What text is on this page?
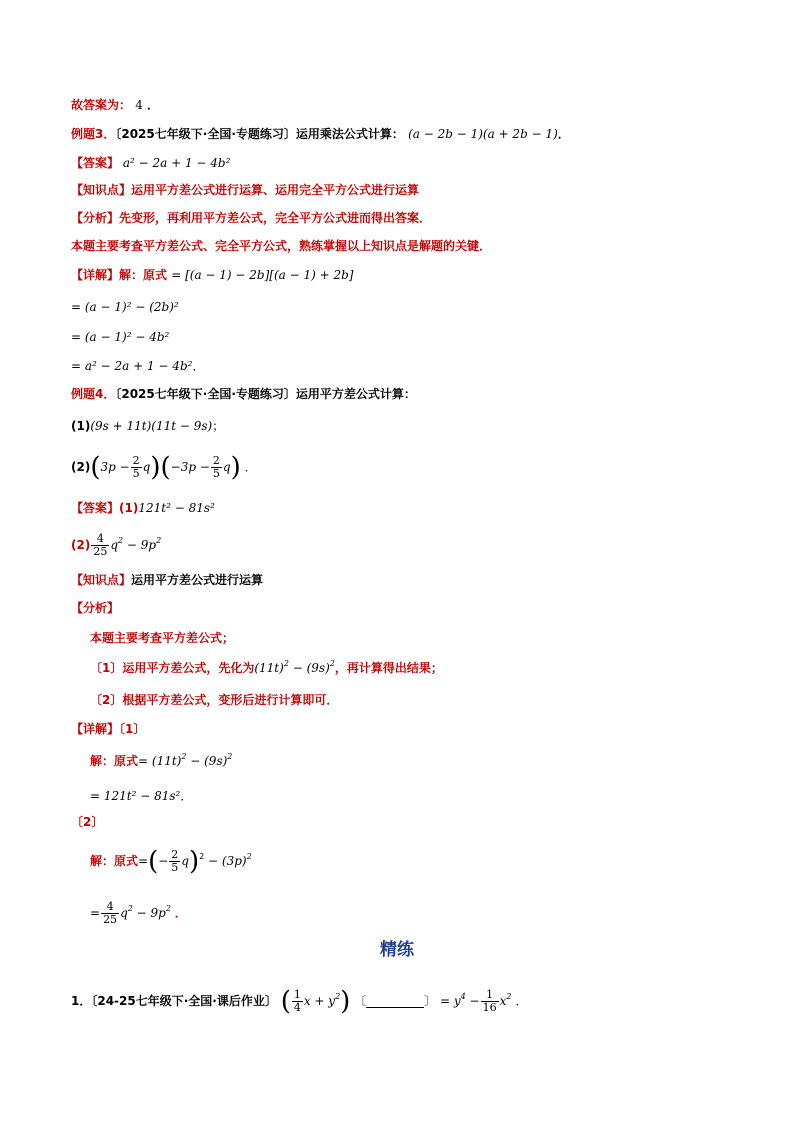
故答案为： 4 ．
例题3．〔2025七年级下·全国·专题练习〕运用乘法公式计算： (a − 2b − 1)(a + 2b − 1)．
【答案】 a² − 2a + 1 − 4b²
【知识点】运用平方差公式进行运算、运用完全平方公式进行运算
【分析】先变形，再利用平方差公式，完全平方公式进而得出答案．
本题主要考查平方差公式、完全平方公式，熟练掌握以上知识点是解题的关键．
【详解】解：原式 = [(a − 1) − 2b][(a − 1) + 2b]
= (a − 1)² − (2b)²
= (a − 1)² − 4b²
= a² − 2a + 1 − 4b²．
例题4．〔2025七年级下·全国·专题练习〕运用平方差公式计算：
(1)(9s + 11t)(11t − 9s)；
$(2)(3p - \frac{2}{5} q)(-3p - \frac{2}{5} q)$ ．
【答案】(1)121t² − 81s²
$(2) \frac{4}{25} q^2 - 9p^2$
【知识点】运用平方差公式进行运算
【分析】
本题主要考查平方差公式；
〔1〕运用平方差公式，先化为$(11t)^2 - (9s)^2$，再计算得出结果；
〔2〕根据平方差公式，变形后进行计算即可．
【详解】〔1〕
解：原式= $(11t)^2 - (9s)^2$
= 121t² − 81s²．
〔2〕
解：原式=(− $\frac{2}{5} q)^2 - (3p)^2$
= $\frac{4}{25} q^2 - 9p^2$ ．
精练
1．〔24-25七年级下·全国·课后作业〕 ( $\frac{1}{4}$ $x + y^2$) 〔	〕 = $y^4 - \frac{1}{16} x^2$ ．
